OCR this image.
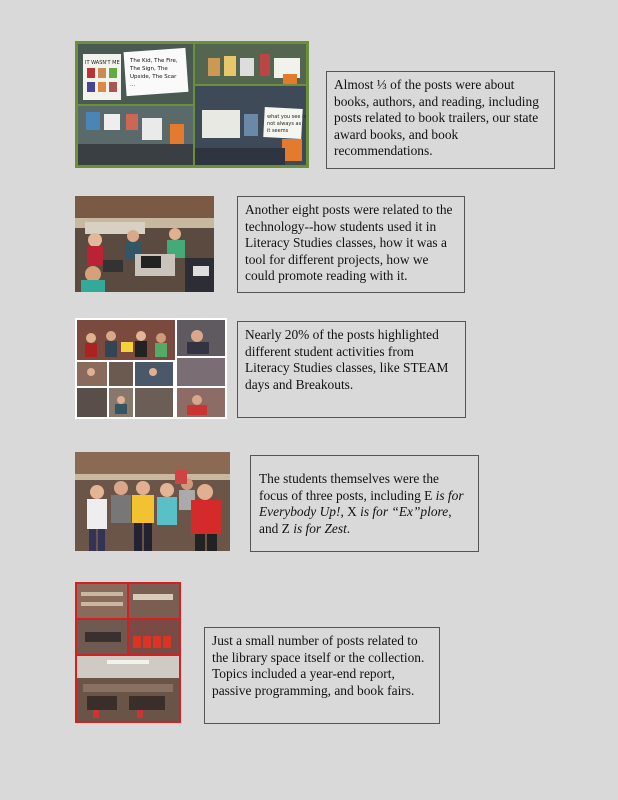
IT WASN'T ME The Kid, The Fire,
The Sign, The
Upside, The Scar
...
what you see is
not always as
it seems
Almost ⅓ of the posts were about books, authors, and reading, including posts related to book trailers, our state award books, and book recommendations.
Another eight posts were related to the technology--how students used it in Literacy Studies classes, how it was a tool for different projects, how we could promote reading with it.
Nearly 20% of the posts highlighted different student activities from Literacy Studies classes, like STEAM days and Breakouts.
The students themselves were the focus of three posts, including E is for Everybody Up!, X is for “Ex”plore, and Z is for Zest.
Just a small number of posts related to the library space itself or the collection. Topics included a year-end report, passive programming, and book fairs.
